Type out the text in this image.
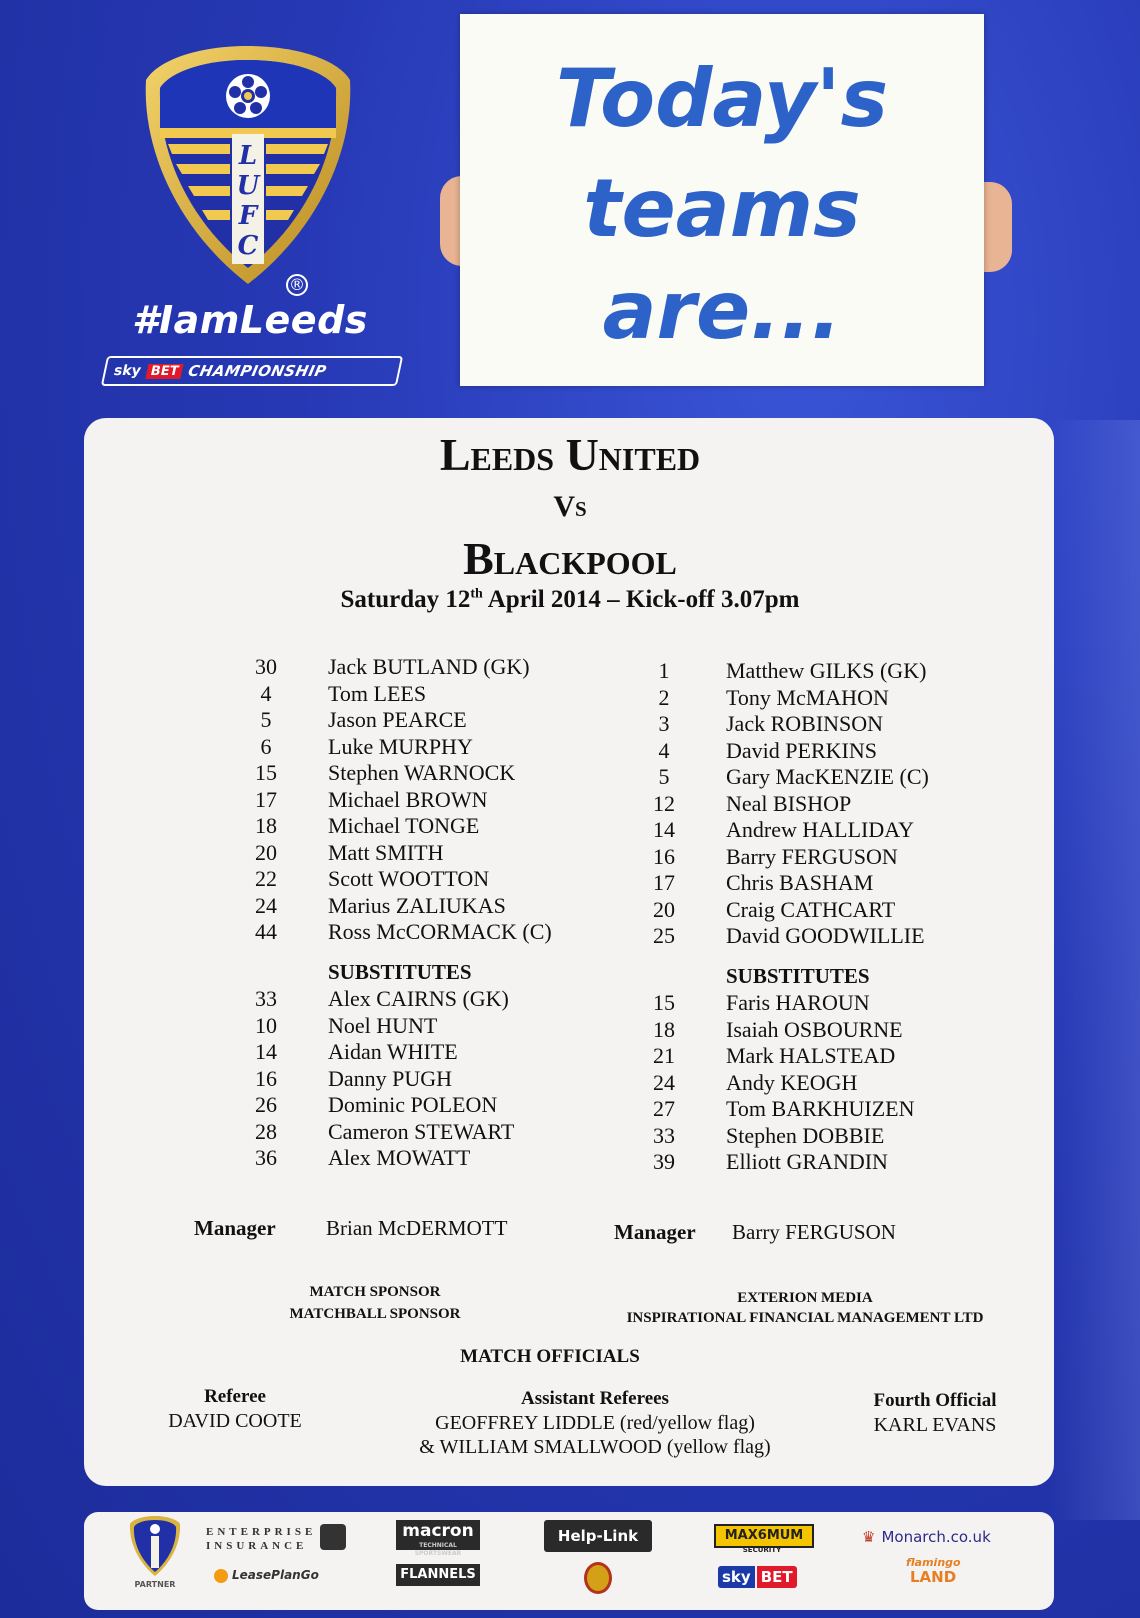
L
U
F
C
®
#IamLeeds
sky BET CHAMPIONSHIP
Today's
teams
are...
Leeds United
Vs
Blackpool
Saturday 12th April 2014 – Kick-off 3.07pm
30	Jack BUTLAND (GK)
4	Tom LEES
5	Jason PEARCE
6	Luke MURPHY
15	Stephen WARNOCK
17	Michael BROWN
18	Michael TONGE
20	Matt SMITH
22	Scott WOOTTON
24	Marius ZALIUKAS
44	Ross McCORMACK (C)
SUBSTITUTES
33	Alex CAIRNS (GK)
10	Noel HUNT
14	Aidan WHITE
16	Danny PUGH
26	Dominic POLEON
28	Cameron STEWART
36	Alex MOWATT
1	Matthew GILKS (GK)
2	Tony McMAHON
3	Jack ROBINSON
4	David PERKINS
5	Gary MacKENZIE (C)
12	Neal BISHOP
14	Andrew HALLIDAY
16	Barry FERGUSON
17	Chris BASHAM
20	Craig CATHCART
25	David GOODWILLIE
SUBSTITUTES
15	Faris HAROUN
18	Isaiah OSBOURNE
21	Mark HALSTEAD
24	Andy KEOGH
27	Tom BARKHUIZEN
33	Stephen DOBBIE
39	Elliott GRANDIN
Manager Brian McDERMOTT	Manager Barry FERGUSON
MATCH SPONSOR
MATCHBALL SPONSOR
EXTERION MEDIA
INSPIRATIONAL FINANCIAL MANAGEMENT LTD
MATCH OFFICIALS
Referee
DAVID COOTE
Assistant Referees
GEOFFREY LIDDLE (red/yellow flag)
& WILLIAM SMALLWOOD (yellow flag)
Fourth Official
KARL EVANS
PARTNER
ENTERPRISE
INSURANCE
LeasePlanGo
macron
TECHNICAL SPORTSWEAR
FLANNELS
Help-Link	MAX6MUM
SECURITY
sky BET
♛ Monarch.co.uk
flamingo
LAND
